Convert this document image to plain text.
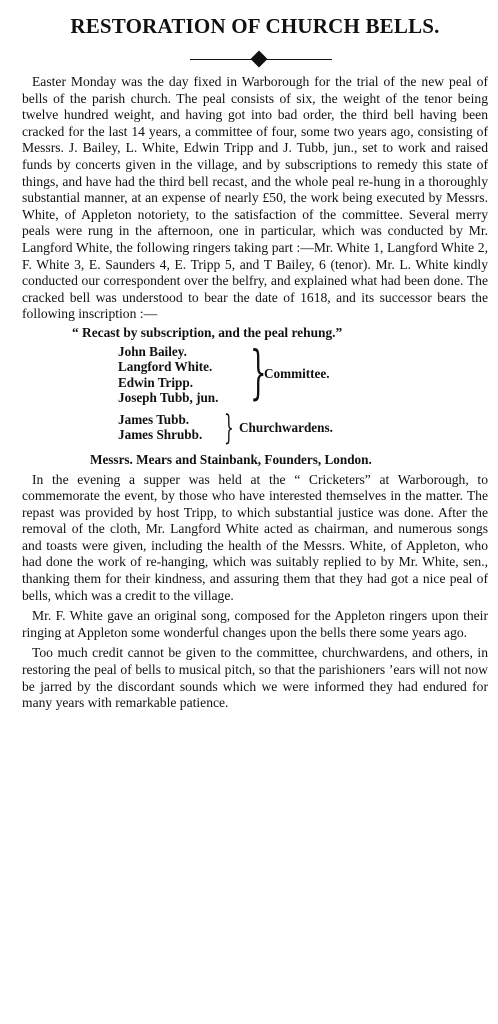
RESTORATION OF CHURCH BELLS.

Easter Monday was the day fixed in Warborough for the trial of the new peal of bells of the parish church. The peal consists of six, the weight of the tenor being twelve hundred weight, and having got into bad order, the third bell having been cracked for the last 14 years, a committee of four, some two years ago, consisting of Messrs. J. Bailey, L. White, Edwin Tripp and J. Tubb, jun., set to work and raised funds by concerts given in the village, and by subscriptions to remedy this state of things, and have had the third bell recast, and the whole peal re-hung in a thoroughly substantial manner, at an expense of nearly £50, the work being executed by Messrs. White, of Appleton notoriety, to the satisfaction of the committee. Several merry peals were rung in the afternoon, one in particular, which was conducted by Mr. Langford White, the following ringers taking part :—Mr. White 1, Langford White 2, F. White 3, E. Saunders 4, E. Tripp 5, and T Bailey, 6 (tenor). Mr. L. White kindly conducted our correspondent over the belfry, and explained what had been done. The cracked bell was understood to bear the date of 1618, and its successor bears the following inscription :—

“ Recast by subscription, and the peal rehung.”
John Bailey.
Langford White.
Edwin Tripp.
Joseph Tubb, jun. }
Committee.
James Tubb.
James Shrubb. } Churchwardens.
Messrs. Mears and Stainbank, Founders, London.

In the evening a supper was held at the “ Cricketers” at Warborough, to commemorate the event, by those who have interested themselves in the matter. The repast was provided by host Tripp, to which substantial justice was done. After the removal of the cloth, Mr. Langford White acted as chairman, and numerous songs and toasts were given, including the health of the Messrs. White, of Appleton, who had done the work of re-hanging, which was suitably replied to by Mr. White, sen., thanking them for their kindness, and assuring them that they had got a nice peal of bells, which was a credit to the village.

Mr. F. White gave an original song, composed for the Appleton ringers upon their ringing at Appleton some wonderful changes upon the bells there some years ago.

Too much credit cannot be given to the committee, churchwardens, and others, in restoring the peal of bells to musical pitch, so that the parishioners ’ears will not now be jarred by the discordant sounds which we were informed they had endured for many years with remarkable patience.
